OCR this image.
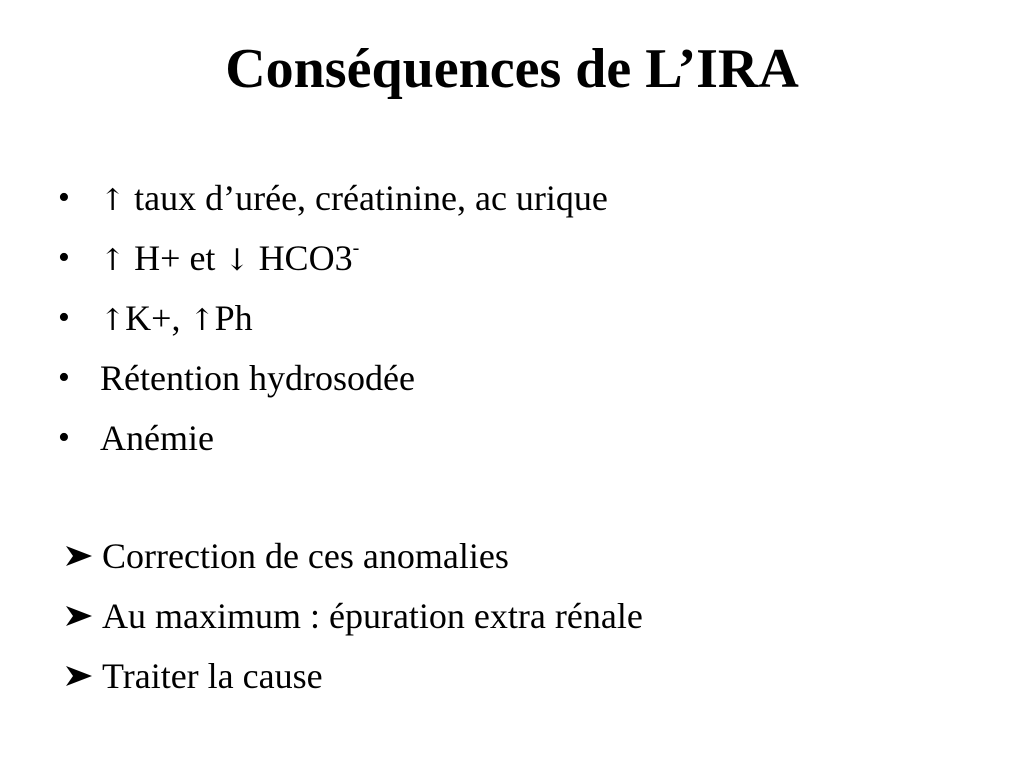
Conséquences de L’IRA
• ↑ taux d’urée, créatinine, ac urique
• ↑ H+ et ↓ HCO3-
• ↑K+, ↑Ph
• Rétention hydrosodée
• Anémie
Correction de ces anomalies
Au maximum : épuration extra rénale
Traiter la cause
